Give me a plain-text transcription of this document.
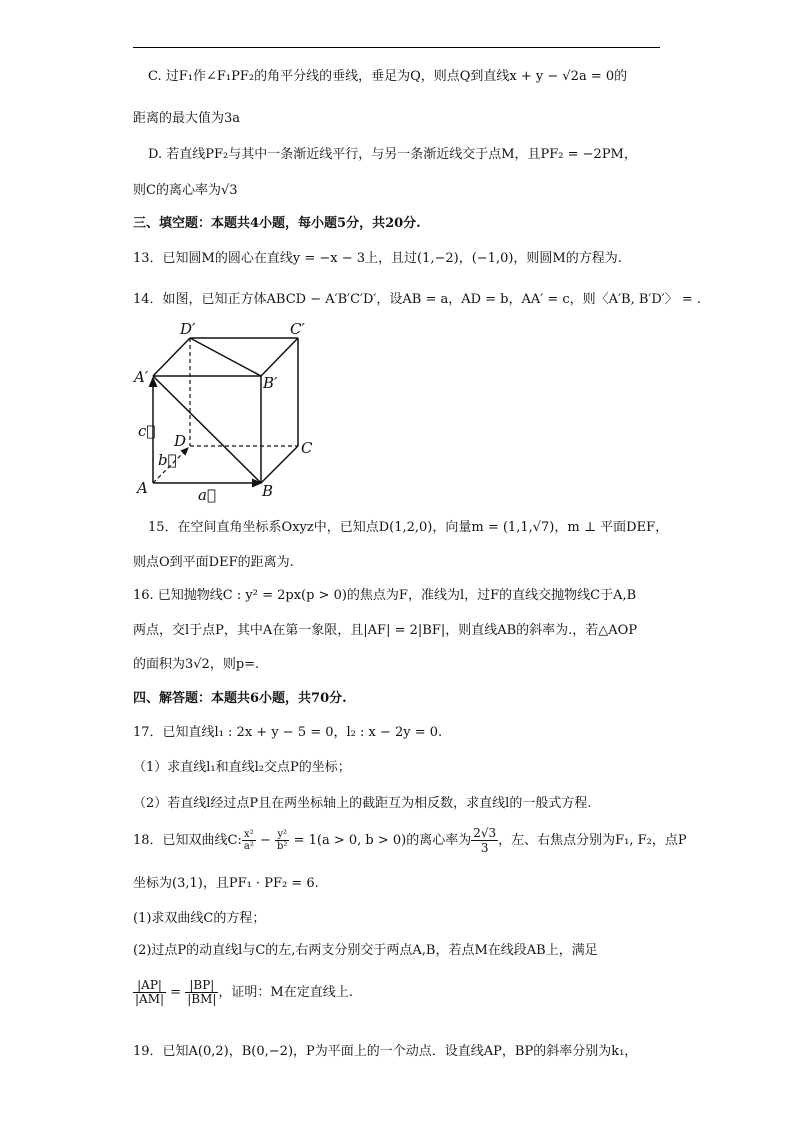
C. 过F₁作∠F₁PF₂的角平分线的垂线，垂足为Q，则点Q到直线x + y − √2a = 0的
距离的最大值为3a
D. 若直线PF₂与其中一条渐近线平行，与另一条渐近线交于点M，且PF₂ = −2PM，
则C的离心率为√3
三、填空题：本题共4小题，每小题5分，共20分.
13．已知圆M的圆心在直线y = −x − 3上，且过(1,−2)，(−1,0)，则圆M的方程为.
14．如图，已知正方体ABCD − A′B′C′D′，设AB = a，AD = b，AA′ = c，则〈A′B, B′D′〉 = .
D′	C′
A′	B′
D	C
A	B
c⃗
b⃗
a⃗
15．在空间直角坐标系Oxyz中，已知点D(1,2,0)，向量m = (1,1,√7)，m ⊥ 平面DEF，
则点O到平面DEF的距离为.
16. 已知抛物线C : y² = 2px(p > 0)的焦点为F，准线为l，过F的直线交抛物线C于A,B
两点，交l于点P，其中A在第一象限，且|AF| = 2|BF|，则直线AB的斜率为.，若△AOP
的面积为3√2，则p=.
四、解答题：本题共6小题，共70分.
17．已知直线l₁ : 2x + y − 5 = 0，l₂ : x − 2y = 0.
（1）求直线l₁和直线l₂交点P的坐标；
（2）若直线l经过点P且在两坐标轴上的截距互为相反数，求直线l的一般式方程.
18．已知双曲线C: $\frac{\text{x²}}{\text{a²}} - \frac{\text{y²}}{\text{b²}} = 1(a > 0$, b > 0)的离心率为 $\frac{2√3}{3}$ ，左、右焦点分别为F₁, F₂，点P
坐标为(3,1)，且PF₁ · PF₂ = 6.
(1)求双曲线C的方程；
(2)过点P的动直线l与C的左,右两支分别交于两点A,B，若点M在线段AB上，满足
$\frac{|AP|}{|AM|} = \frac{|BP|}{|BM|}$ ，证明：M在定直线上.
19．已知A(0,2)，B(0,−2)，P为平面上的一个动点．设直线AP，BP的斜率分别为k₁，
